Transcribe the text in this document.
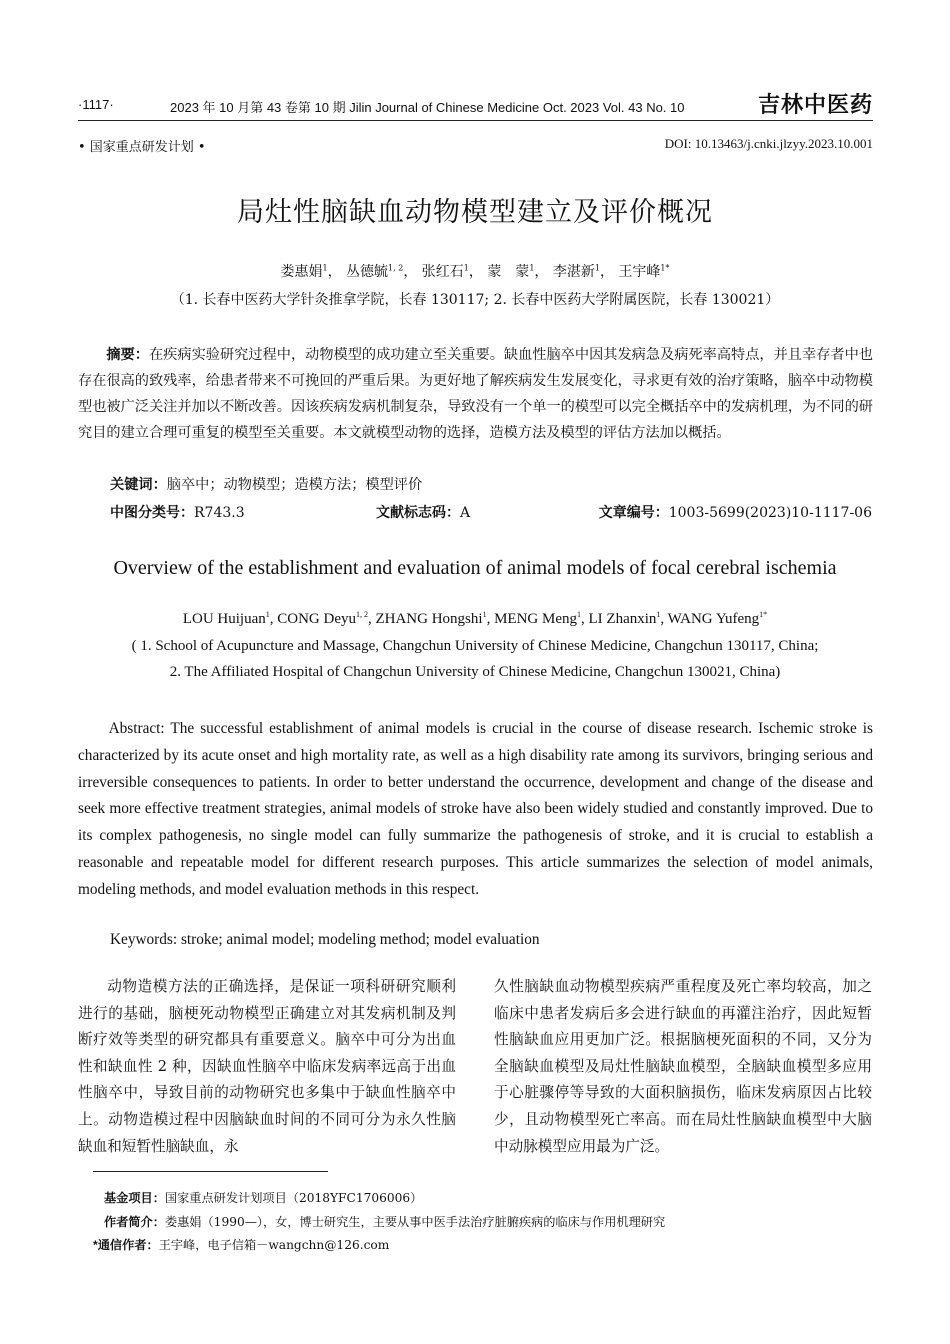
·1117·	2023 年 10 月第 43 卷第 10 期 Jilin Journal of Chinese Medicine Oct. 2023 Vol. 43 No. 10	吉林中医药
• 国家重点研发计划 •	DOI: 10.13463/j.cnki.jlzyy.2023.10.001
局灶性脑缺血动物模型建立及评价概况
娄惠娟$^1$， 丛德毓$^{1, 2}$， 张红石$^1$， 蒙　蒙$^1$， 李湛新$^1$， 王宇峰$^{1*}$
（1. 长春中医药大学针灸推拿学院，长春 130117; 2. 长春中医药大学附属医院，长春 130021）
摘要：在疾病实验研究过程中，动物模型的成功建立至关重要。缺血性脑卒中因其发病急及病死率高特点，并且幸存者中也存在很高的致残率，给患者带来不可挽回的严重后果。为更好地了解疾病发生发展变化，寻求更有效的治疗策略，脑卒中动物模型也被广泛关注并加以不断改善。因该疾病发病机制复杂，导致没有一个单一的模型可以完全概括卒中的发病机理，为不同的研究目的建立合理可重复的模型至关重要。本文就模型动物的选择，造模方法及模型的评估方法加以概括。
关键词：脑卒中；动物模型；造模方法；模型评价
中图分类号：R743.3	文献标志码：A	文章编号：1003-5699(2023)10-1117-06
Overview of the establishment and evaluation of animal models of focal cerebral ischemia
LOU Huijuan$^1$, CONG Deyu$^{1, 2}$, ZHANG Hongshi$^1$, MENG Meng$^1$, LI Zhanxin$^1$, WANG Yufeng$^{1*}$
( 1. School of Acupuncture and Massage, Changchun University of Chinese Medicine, Changchun 130117, China;
2. The Affiliated Hospital of Changchun University of Chinese Medicine, Changchun 130021, China)
Abstract: The successful establishment of animal models is crucial in the course of disease research. Ischemic stroke is characterized by its acute onset and high mortality rate, as well as a high disability rate among its survivors, bringing serious and irreversible consequences to patients. In order to better understand the occurrence, development and change of the disease and seek more effective treatment strategies, animal models of stroke have also been widely studied and constantly improved. Due to its complex pathogenesis, no single model can fully summarize the pathogenesis of stroke, and it is crucial to establish a reasonable and repeatable model for different research purposes. This article summarizes the selection of model animals, modeling methods, and model evaluation methods in this respect.
Keywords: stroke; animal model; modeling method; model evaluation
动物造模方法的正确选择，是保证一项科研研究顺利进行的基础，脑梗死动物模型正确建立对其发病机制及判断疗效等类型的研究都具有重要意义。脑卒中可分为出血性和缺血性 2 种，因缺血性脑卒中临床发病率远高于出血性脑卒中，导致目前的动物研究也多集中于缺血性脑卒中上。动物造模过程中因脑缺血时间的不同可分为永久性脑缺血和短暂性脑缺血，永
久性脑缺血动物模型疾病严重程度及死亡率均较高，加之临床中患者发病后多会进行缺血的再灌注治疗，因此短暂性脑缺血应用更加广泛。根据脑梗死面积的不同，又分为全脑缺血模型及局灶性脑缺血模型，全脑缺血模型多应用于心脏骤停等导致的大面积脑损伤，临床发病原因占比较少，且动物模型死亡率高。而在局灶性脑缺血模型中大脑中动脉模型应用最为广泛。
基金项目：国家重点研发计划项目（2018YFC1706006）
作者简介：娄惠娟（1990—），女，博士研究生，主要从事中医手法治疗脏腑疾病的临床与作用机理研究
*通信作者：王宇峰，电子信箱－wangchn@126.com
